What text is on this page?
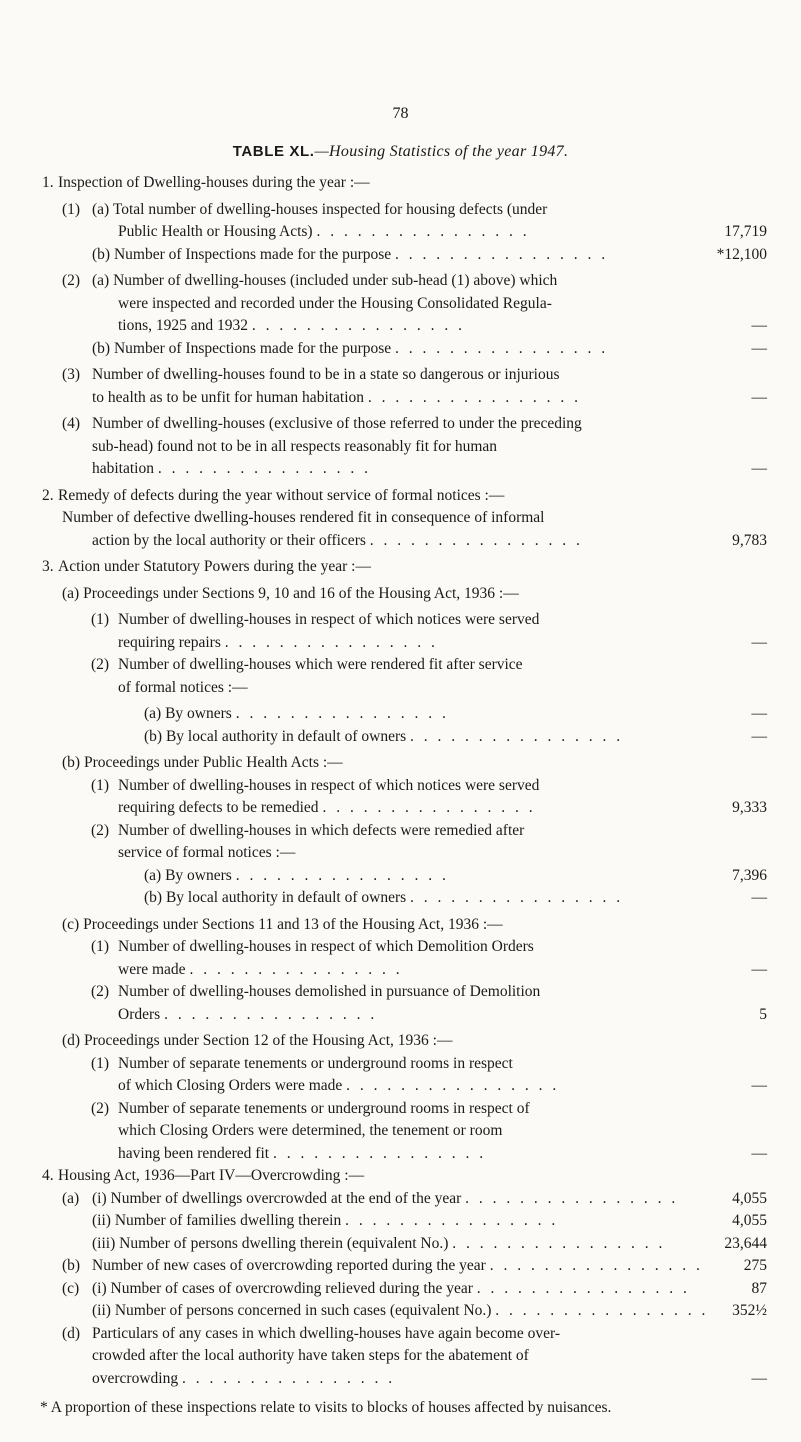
78
TABLE XL.—Housing Statistics of the year 1947.
1. Inspection of Dwelling-houses during the year :—
(1) (a) Total number of dwelling-houses inspected for housing defects (under
Public Health or Housing Acts) . . . . . . . . . . . . . . . .	17,719
(b) Number of Inspections made for the purpose . . . . . . . . . . . . . . . .	*12,100
(2) (a) Number of dwelling-houses (included under sub-head (1) above) which
were inspected and recorded under the Housing Consolidated Regula-
tions, 1925 and 1932 . . . . . . . . . . . . . . . .	—
(b) Number of Inspections made for the purpose . . . . . . . . . . . . . . . .	—
(3) Number of dwelling-houses found to be in a state so dangerous or injurious
to health as to be unfit for human habitation . . . . . . . . . . . . . . . .	—
(4) Number of dwelling-houses (exclusive of those referred to under the preceding
sub-head) found not to be in all respects reasonably fit for human
habitation . . . . . . . . . . . . . . . .	—
2. Remedy of defects during the year without service of formal notices :—
Number of defective dwelling-houses rendered fit in consequence of informal
action by the local authority or their officers . . . . . . . . . . . . . . . .	9,783
3. Action under Statutory Powers during the year :—
(a) Proceedings under Sections 9, 10 and 16 of the Housing Act, 1936 :—
(1) Number of dwelling-houses in respect of which notices were served
requiring repairs . . . . . . . . . . . . . . . .	—
(2) Number of dwelling-houses which were rendered fit after service
of formal notices :—
(a) By owners . . . . . . . . . . . . . . . .	—
(b) By local authority in default of owners . . . . . . . . . . . . . . . .	—
(b) Proceedings under Public Health Acts :—
(1) Number of dwelling-houses in respect of which notices were served
requiring defects to be remedied . . . . . . . . . . . . . . . .	9,333
(2) Number of dwelling-houses in which defects were remedied after
service of formal notices :—
(a) By owners . . . . . . . . . . . . . . . .	7,396
(b) By local authority in default of owners . . . . . . . . . . . . . . . .	—
(c) Proceedings under Sections 11 and 13 of the Housing Act, 1936 :—
(1) Number of dwelling-houses in respect of which Demolition Orders
were made . . . . . . . . . . . . . . . .	—
(2) Number of dwelling-houses demolished in pursuance of Demolition
Orders . . . . . . . . . . . . . . . .	5
(d) Proceedings under Section 12 of the Housing Act, 1936 :—
(1) Number of separate tenements or underground rooms in respect
of which Closing Orders were made . . . . . . . . . . . . . . . .	—
(2) Number of separate tenements or underground rooms in respect of
which Closing Orders were determined, the tenement or room
having been rendered fit . . . . . . . . . . . . . . . .	—
4. Housing Act, 1936—Part IV—Overcrowding :—
(a) (i) Number of dwellings overcrowded at the end of the year . . . . . . . . . . . . . . . .	4,055
(ii) Number of families dwelling therein . . . . . . . . . . . . . . . .	4,055
(iii) Number of persons dwelling therein (equivalent No.) . . . . . . . . . . . . . . . .	23,644
(b) Number of new cases of overcrowding reported during the year . . . . . . . . . . . . . . . .	275
(c) (i) Number of cases of overcrowding relieved during the year . . . . . . . . . . . . . . . .	87
(ii) Number of persons concerned in such cases (equivalent No.) . . . . . . . . . . . . . . . .	352½
(d) Particulars of any cases in which dwelling-houses have again become over-
crowded after the local authority have taken steps for the abatement of
overcrowding . . . . . . . . . . . . . . . .	—
* A proportion of these inspections relate to visits to blocks of houses affected by nuisances.
